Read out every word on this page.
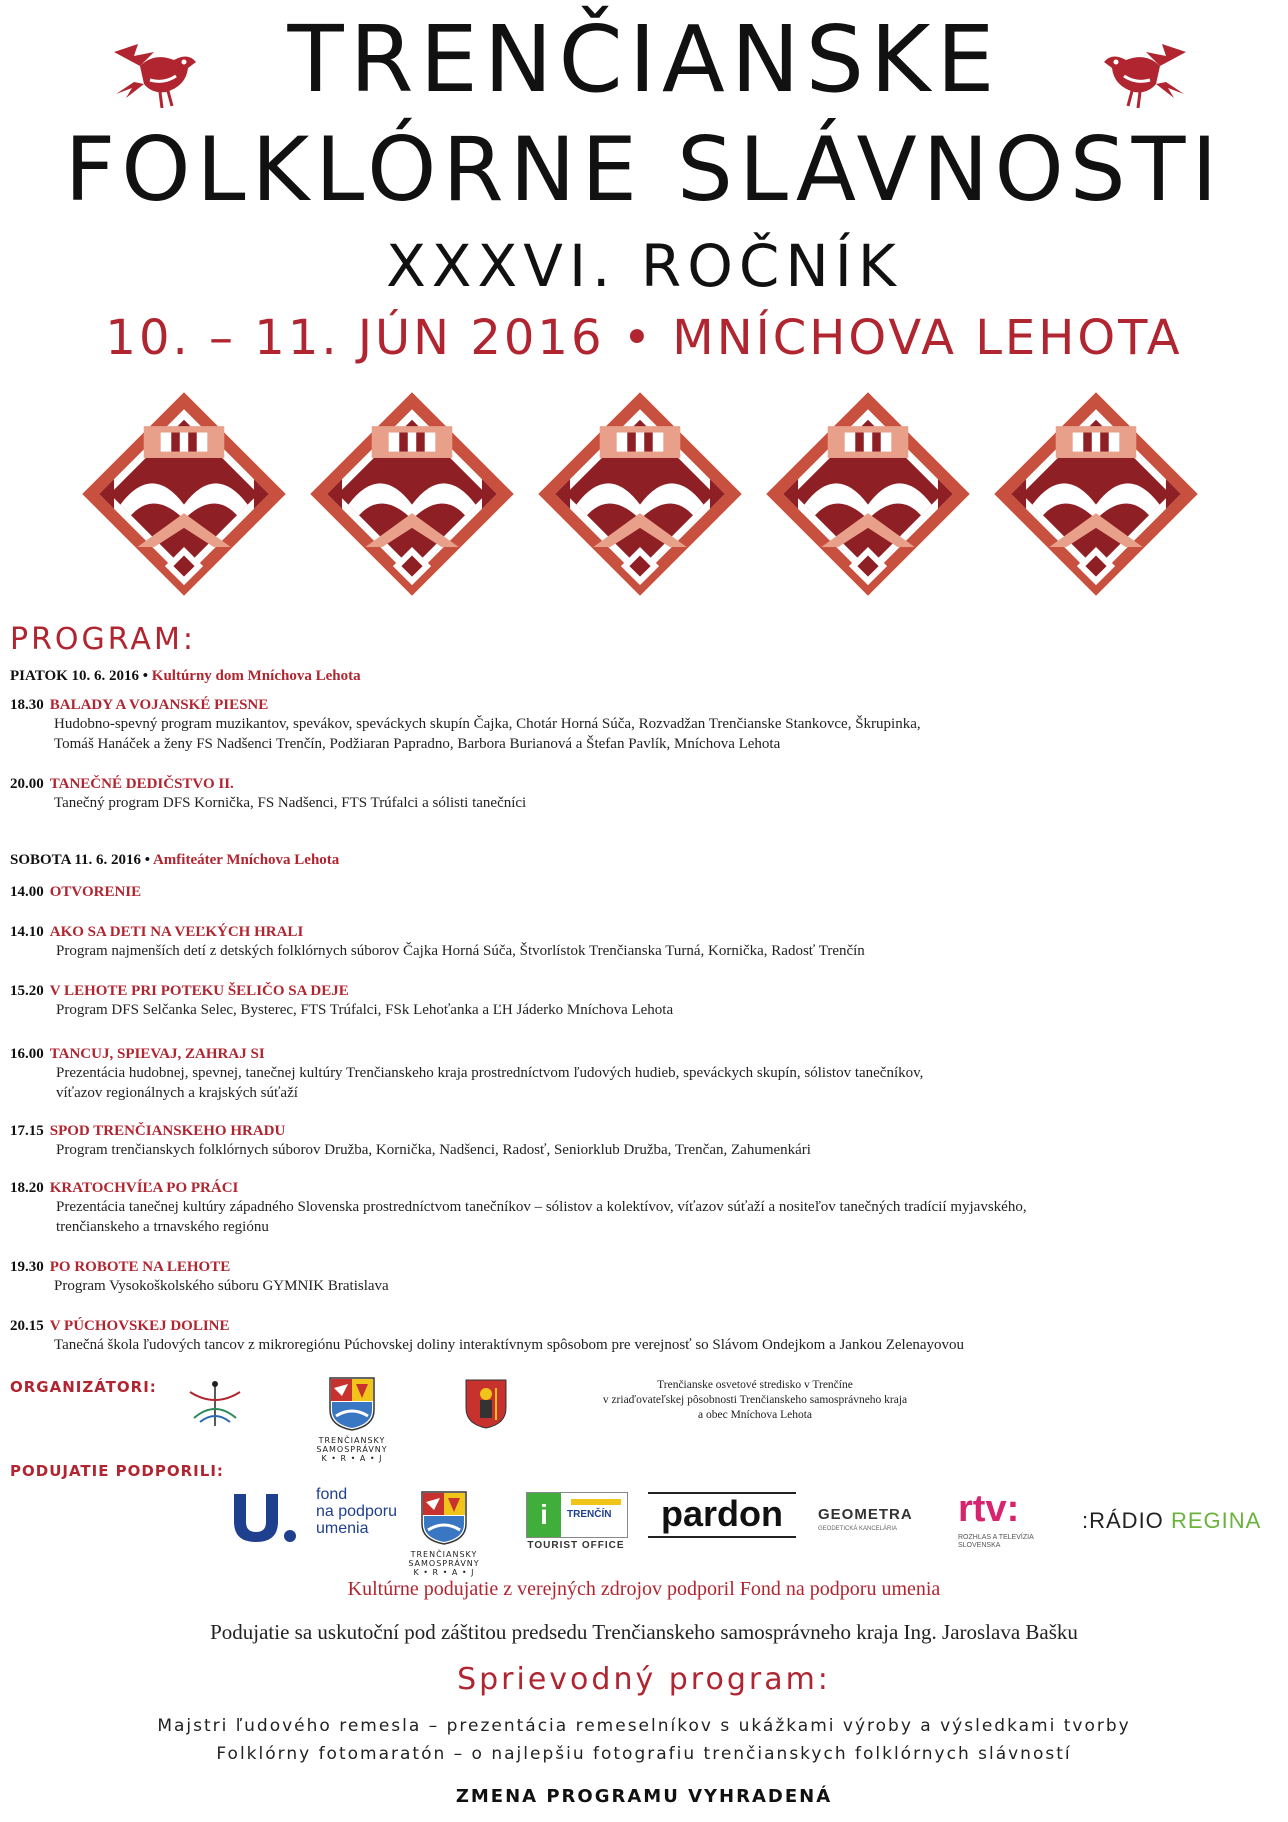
TRENČIANSKE
FOLKLÓRNE SLÁVNOSTI
XXXVI. ROČNÍK
10. – 11. JÚN 2016 • MNÍCHOVA LEHOTA
PROGRAM:
PIATOK 10. 6. 2016 • Kultúrny dom Mníchova Lehota
18.30 BALADY A VOJANSKÉ PIESNE
Hudobno-spevný program muzikantov, spevákov, speváckych skupín Čajka, Chotár Horná Súča, Rozvadžan Trenčianske Stankovce, Škrupinka,
Tomáš Hanáček a ženy FS Nadšenci Trenčín, Podžiaran Papradno, Barbora Burianová a Štefan Pavlík, Mníchova Lehota
20.00 TANEČNÉ DEDIČSTVO II.
Tanečný program DFS Kornička, FS Nadšenci, FTS Trúfalci a sólisti tanečníci
SOBOTA 11. 6. 2016 • Amfiteáter Mníchova Lehota
14.00 OTVORENIE
14.10 AKO SA DETI NA VEĽKÝCH HRALI
Program najmenších detí z detských folklórnych súborov Čajka Horná Súča, Štvorlístok Trenčianska Turná, Kornička, Radosť Trenčín
15.20 V LEHOTE PRI POTEKU ŠELIČO SA DEJE
Program DFS Selčanka Selec, Bysterec, FTS Trúfalci, FSk Lehoťanka a ĽH Jáderko Mníchova Lehota
16.00 TANCUJ, SPIEVAJ, ZAHRAJ SI
Prezentácia hudobnej, spevnej, tanečnej kultúry Trenčianskeho kraja prostredníctvom ľudových hudieb, speváckych skupín, sólistov tanečníkov,
víťazov regionálnych a krajských súťaží
17.15 SPOD TRENČIANSKEHO HRADU
Program trenčianskych folklórnych súborov Družba, Kornička, Nadšenci, Radosť, Seniorklub Družba, Trenčan, Zahumenkári
18.20 KRATOCHVÍĽA PO PRÁCI
Prezentácia tanečnej kultúry západného Slovenska prostredníctvom tanečníkov – sólistov a kolektívov, víťazov súťaží a nositeľov tanečných tradícií myjavského,
trenčianskeho a trnavského regiónu
19.30 PO ROBOTE NA LEHOTE
Program Vysokoškolského súboru GYMNIK Bratislava
20.15 V PÚCHOVSKEJ DOLINE
Tanečná škola ľudových tancov z mikroregiónu Púchovskej doliny interaktívnym spôsobom pre verejnosť so Slávom Ondejkom a Jankou Zelenayovou
ORGANIZÁTORI:
TRENČIANSKY
SAMOSPRÁVNY
K • R • A • J
Trenčianske osvetové stredisko v Trenčíne
v zriaďovateľskej pôsobnosti Trenčianskeho samosprávneho kraja
a obec Mníchova Lehota
PODUJATIE PODPORILI:
fond
na podporu
umenia
TRENČIANSKY
SAMOSPRÁVNY
K • R • A • J
i	TRENČÍN
TOURIST OFFICE
pardon	GEOMETRA
GEODETICKÁ KANCELÁRIA rtv:
ROZHLAS A TELEVÍZIA
SLOVENSKA
:RÁDIO REGINA
Kultúrne podujatie z verejných zdrojov podporil Fond na podporu umenia
Podujatie sa uskutoční pod záštitou predsedu Trenčianskeho samosprávneho kraja Ing. Jaroslava Bašku
Sprievodný program:
Majstri ľudového remesla – prezentácia remeselníkov s ukážkami výroby a výsledkami tvorby
Folklórny fotomaratón – o najlepšiu fotografiu trenčianskych folklórnych slávností
ZMENA PROGRAMU VYHRADENÁ
